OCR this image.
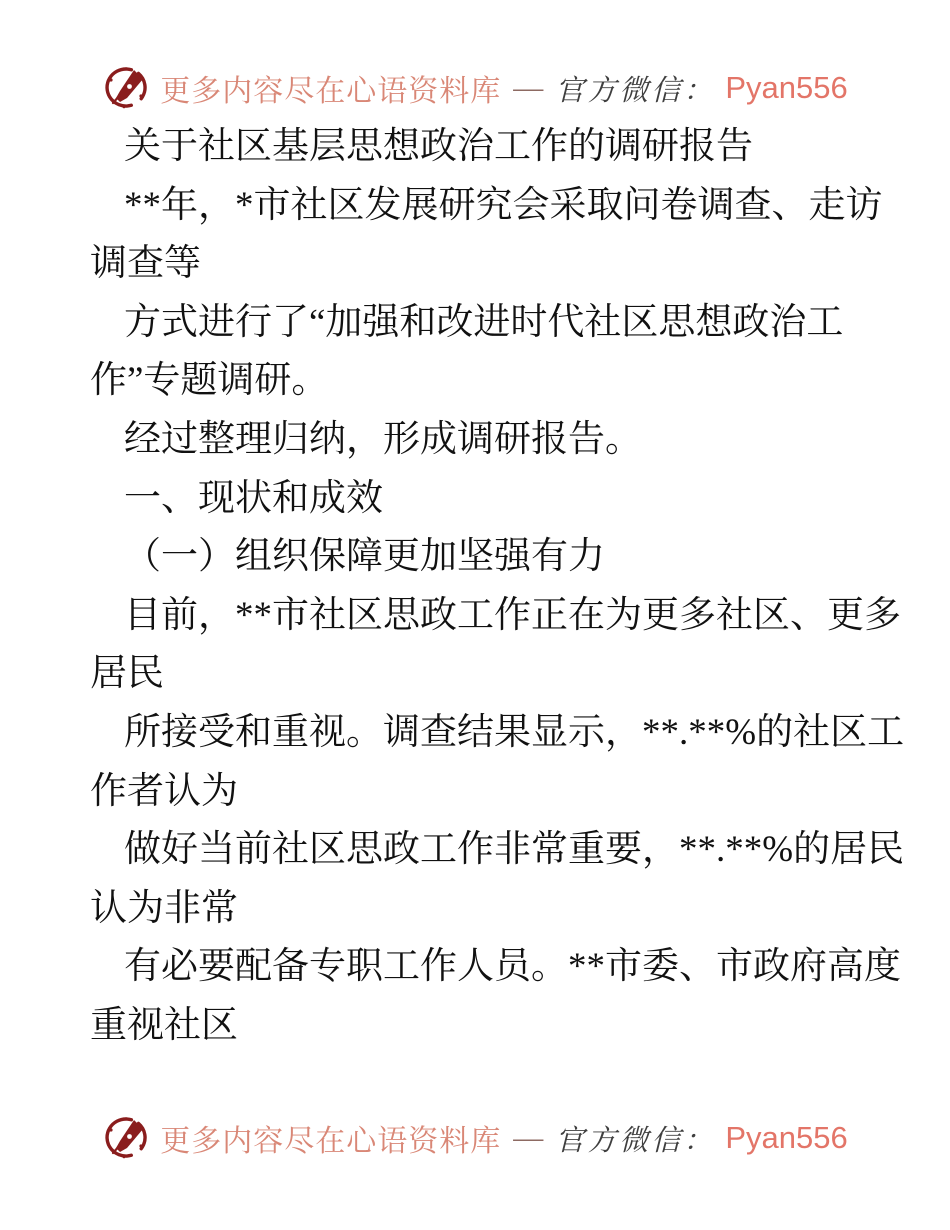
更多内容尽在心语资料库 — 官方微信： Pyan556
关于社区基层思想政治工作的调研报告
**年，*市社区发展研究会采取问卷调查、走访
调查等
方式进行了“加强和改进时代社区思想政治工
作”专题调研。
经过整理归纳，形成调研报告。
一、现状和成效
（一）组织保障更加坚强有力
目前，**市社区思政工作正在为更多社区、更多
居民
所接受和重视。调查结果显示，**.**%的社区工
作者认为
做好当前社区思政工作非常重要，**.**%的居民
认为非常
有必要配备专职工作人员。**市委、市政府高度
重视社区
更多内容尽在心语资料库 — 官方微信： Pyan556
